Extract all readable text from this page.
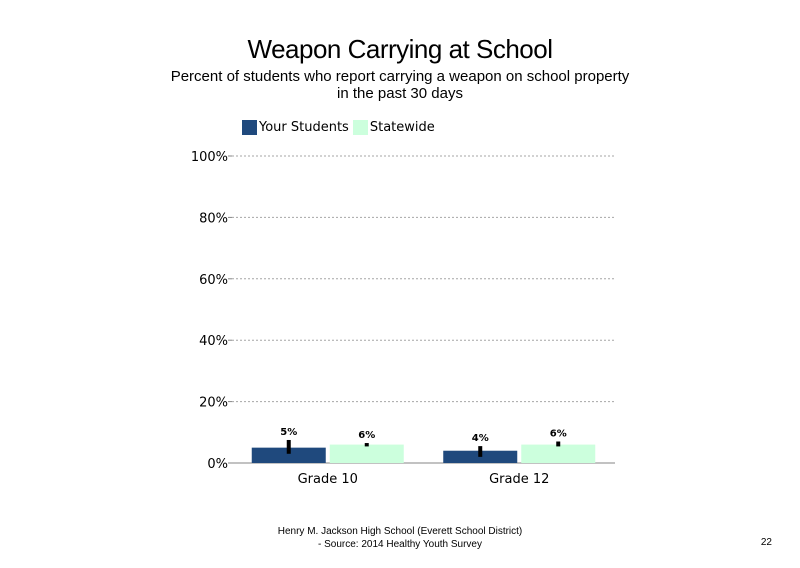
Weapon Carrying at School
Percent of students who report carrying a weapon on school property in the past 30 days
Your Students Statewide
0%
20%
40%
60%
80%
100%
5%	6%
Grade 10
4%	6%
Grade 12
Henry M. Jackson High School (Everett School District)
- Source: 2014 Healthy Youth Survey	22
